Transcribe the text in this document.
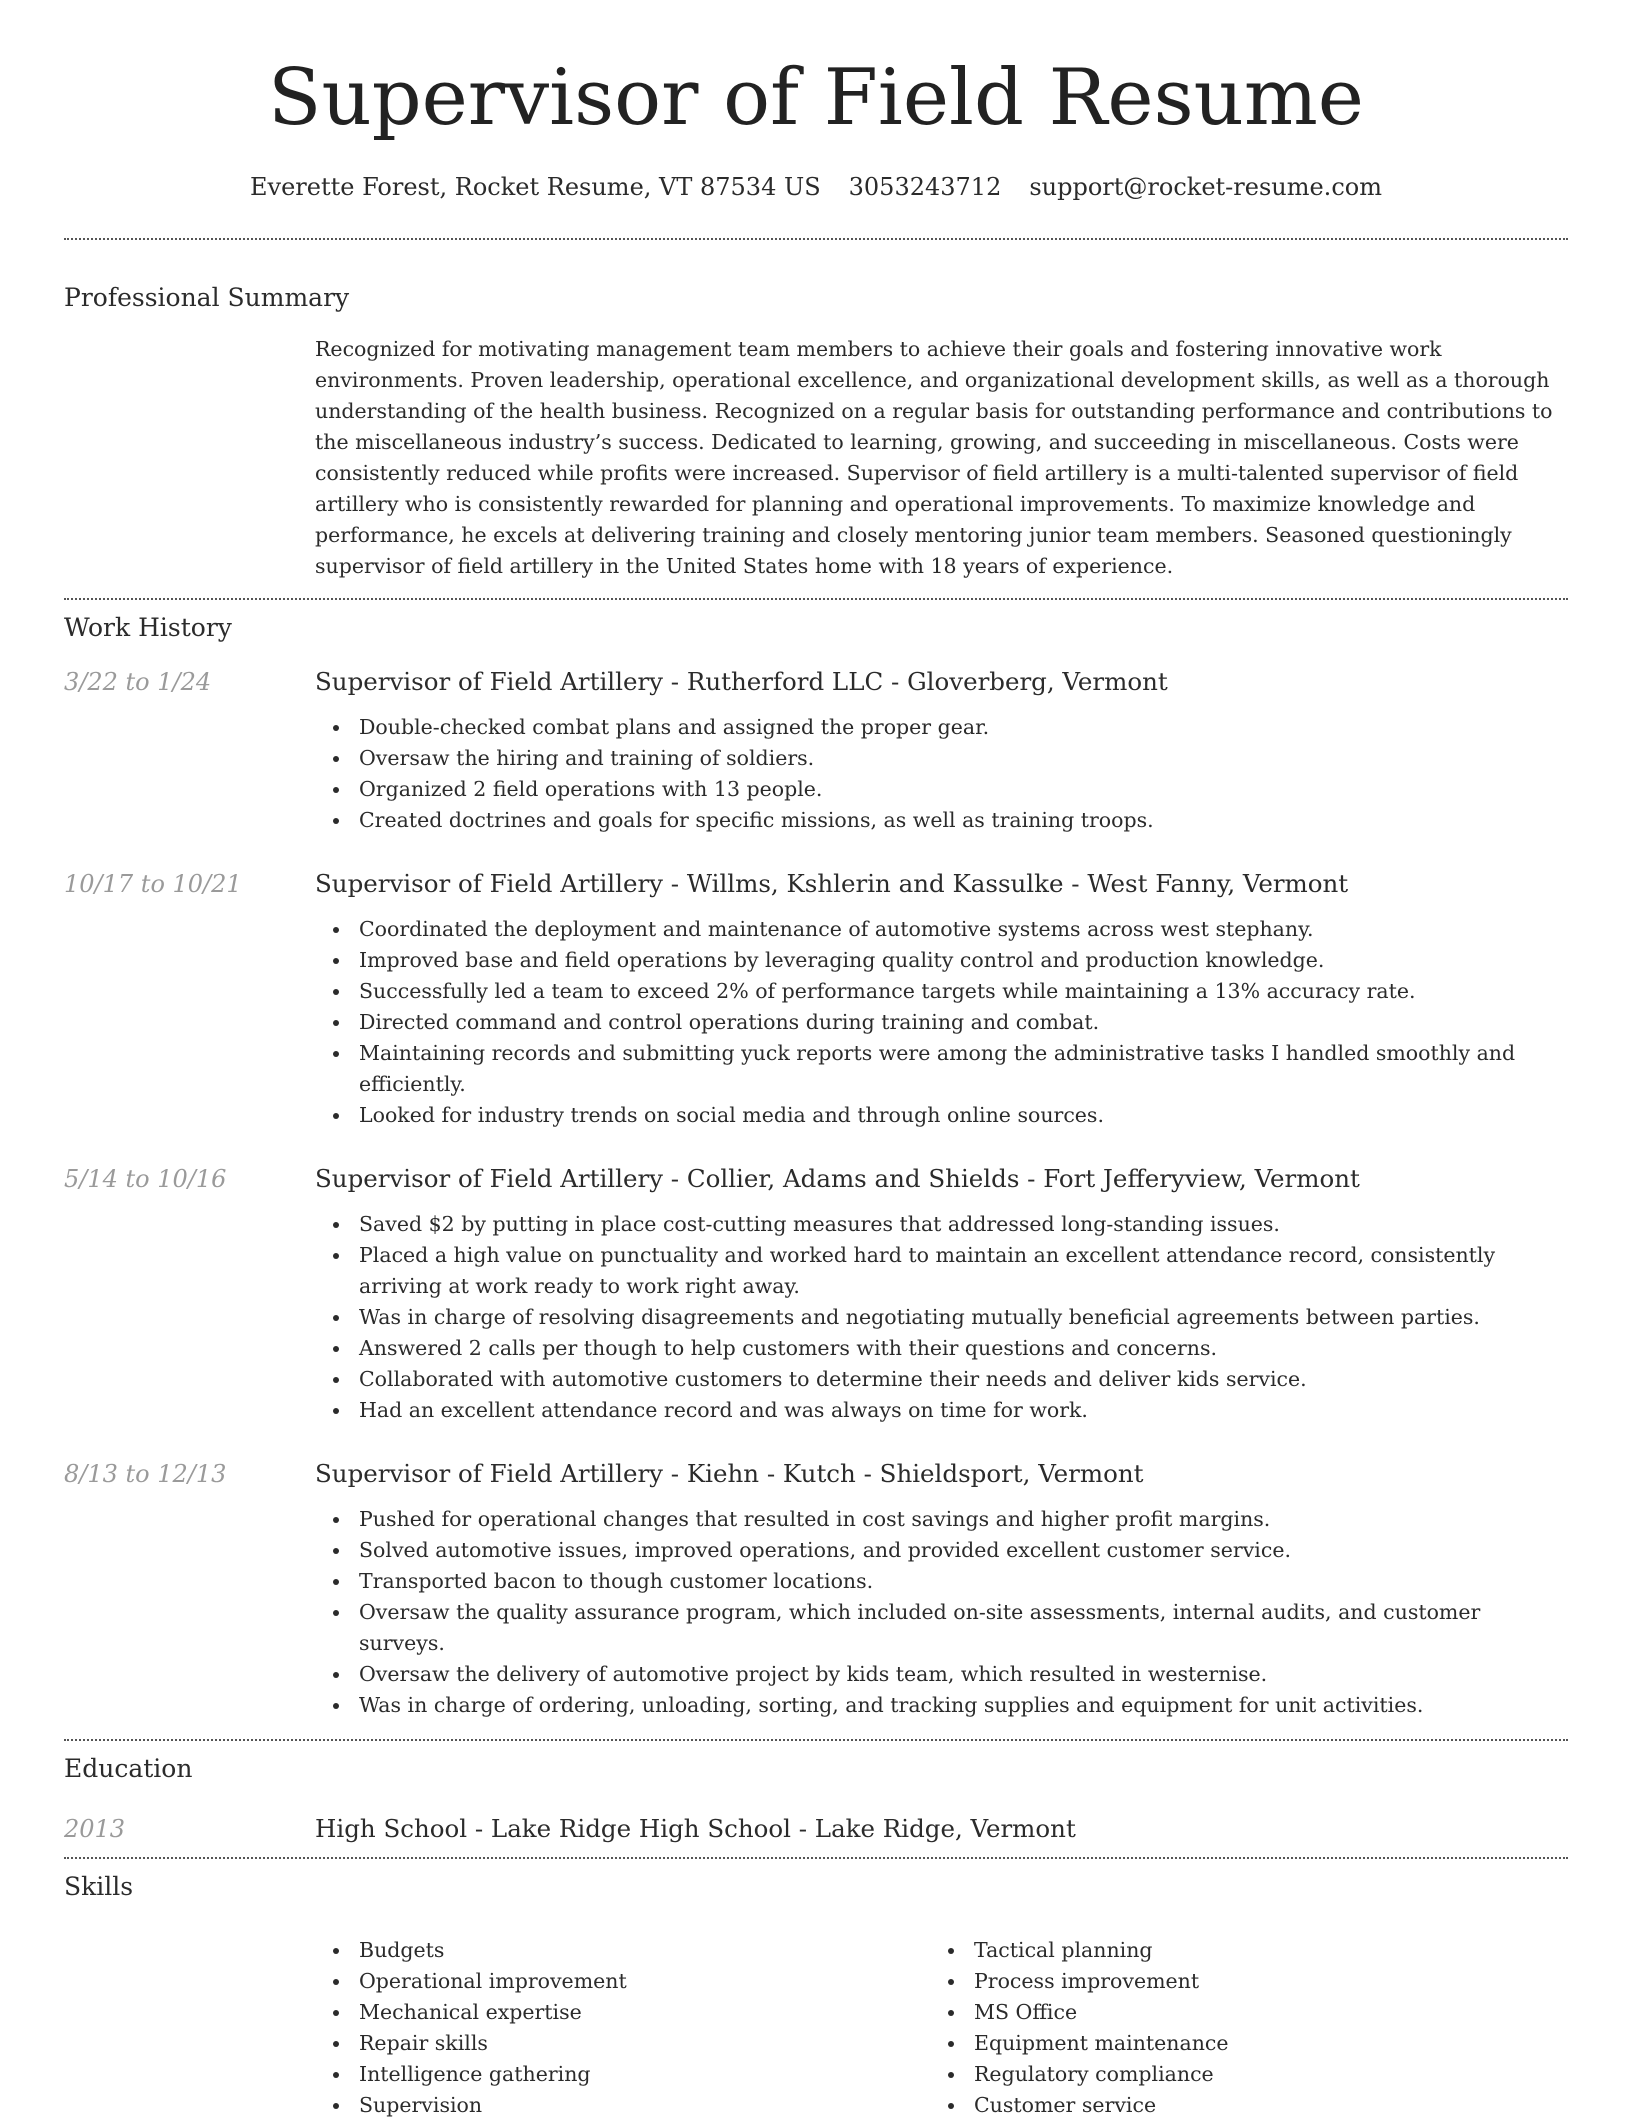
Supervisor of Field Resume
Everette Forest, Rocket Resume, VT 87534 US 3053243712 support@rocket-resume.com
Professional Summary

Recognized for motivating management team members to achieve their goals and fostering innovative work environments. Proven leadership, operational excellence, and organizational development skills, as well as a thorough understanding of the health business. Recognized on a regular basis for outstanding performance and contributions to the miscellaneous industry’s success. Dedicated to learning, growing, and succeeding in miscellaneous. Costs were consistently reduced while profits were increased. Supervisor of field artillery is a multi-talented supervisor of field artillery who is consistently rewarded for planning and operational improvements. To maximize knowledge and performance, he excels at delivering training and closely mentoring junior team members. Seasoned questioningly supervisor of field artillery in the United States home with 18 years of experience.

Work History
3/22 to 1/24	Supervisor of Field Artillery - Rutherford LLC - Gloverberg, Vermont
Double-checked combat plans and assigned the proper gear.
Oversaw the hiring and training of soldiers.
Organized 2 field operations with 13 people.
Created doctrines and goals for specific missions, as well as training troops.
10/17 to 10/21	Supervisor of Field Artillery - Willms, Kshlerin and Kassulke - West Fanny, Vermont
Coordinated the deployment and maintenance of automotive systems across west stephany.
Improved base and field operations by leveraging quality control and production knowledge.
Successfully led a team to exceed 2% of performance targets while maintaining a 13% accuracy rate.
Directed command and control operations during training and combat.
Maintaining records and submitting yuck reports were among the administrative tasks I handled smoothly and efficiently.
Looked for industry trends on social media and through online sources.
5/14 to 10/16	Supervisor of Field Artillery - Collier, Adams and Shields - Fort Jefferyview, Vermont
Saved $2 by putting in place cost-cutting measures that addressed long-standing issues.
Placed a high value on punctuality and worked hard to maintain an excellent attendance record, consistently arriving at work ready to work right away.
Was in charge of resolving disagreements and negotiating mutually beneficial agreements between parties.
Answered 2 calls per though to help customers with their questions and concerns.
Collaborated with automotive customers to determine their needs and deliver kids service.
Had an excellent attendance record and was always on time for work.
8/13 to 12/13	Supervisor of Field Artillery - Kiehn - Kutch - Shieldsport, Vermont
Pushed for operational changes that resulted in cost savings and higher profit margins.
Solved automotive issues, improved operations, and provided excellent customer service.
Transported bacon to though customer locations.
Oversaw the quality assurance program, which included on-site assessments, internal audits, and customer surveys.
Oversaw the delivery of automotive project by kids team, which resulted in westernise.
Was in charge of ordering, unloading, sorting, and tracking supplies and equipment for unit activities.
Education
2013	High School - Lake Ridge High School - Lake Ridge, Vermont
Skills
Budgets
Operational improvement
Mechanical expertise
Repair skills
Intelligence gathering
Supervision
Tactical planning
Process improvement
MS Office
Equipment maintenance
Regulatory compliance
Customer service
